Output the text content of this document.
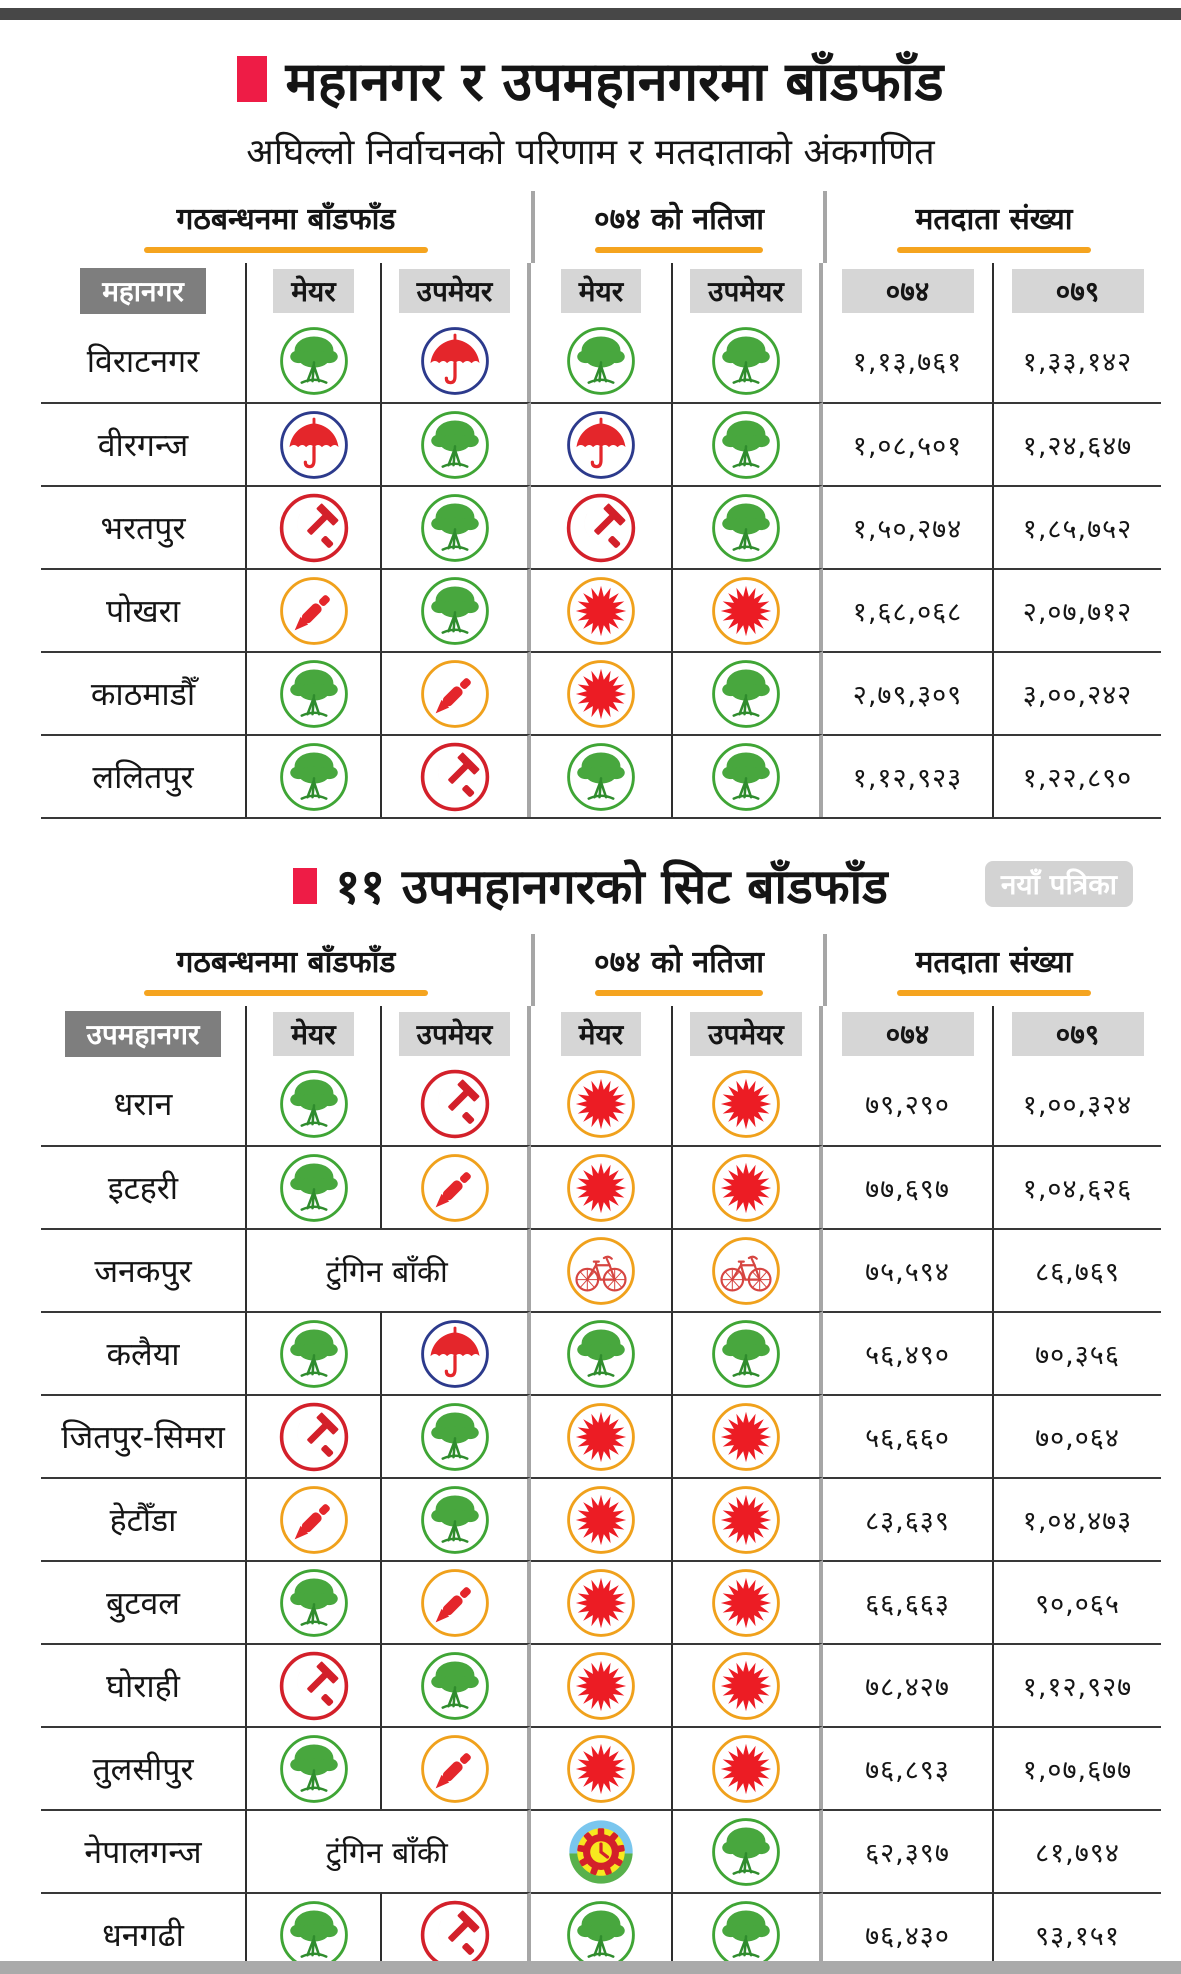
महानगर र उपमहानगरमा बाँडफाँड
अघिल्लो निर्वाचनको परिणाम र मतदाताको अंकगणित
गठबन्धनमा बाँडफाँड	०७४ को नतिजा	मतदाता संख्या
महानगर	मेयर	उपमेयर	मेयर	उपमेयर	०७४	०७९
विराटनगर	१,१३,७६१	१,३३,१४२
वीरगन्ज	१,०८,५०१	१,२४,६४७
भरतपुर	१,५०,२७४	१,८५,७५२
पोखरा	१,६८,०६८	२,०७,७१२
काठमाडौँ	२,७९,३०९	३,००,२४२
ललितपुर	१,१२,९२३	१,२२,८९०
११ उपमहानगरको सिट बाँडफाँड	नयाँ पत्रिका
गठबन्धनमा बाँडफाँड	०७४ को नतिजा	मतदाता संख्या
उपमहानगर	मेयर	उपमेयर	मेयर	उपमेयर	०७४	०७९
धरान	७९,२९०	१,००,३२४
इटहरी	७७,६९७	१,०४,६२६
जनकपुर	टुंगिन बाँकी	७५,५९४	८६,७६९
कलैया	५६,४९०	७०,३५६
जितपुर-सिमरा	५६,६६०	७०,०६४
हेटौँडा	८३,६३९	१,०४,४७३
बुटवल	६६,६६३	९०,०६५
घोराही	७८,४२७	१,१२,९२७
तुलसीपुर	७६,८९३	१,०७,६७७
नेपालगन्ज	टुंगिन बाँकी	६२,३९७	८१,७९४
धनगढी	७६,४३०	९३,१५१
